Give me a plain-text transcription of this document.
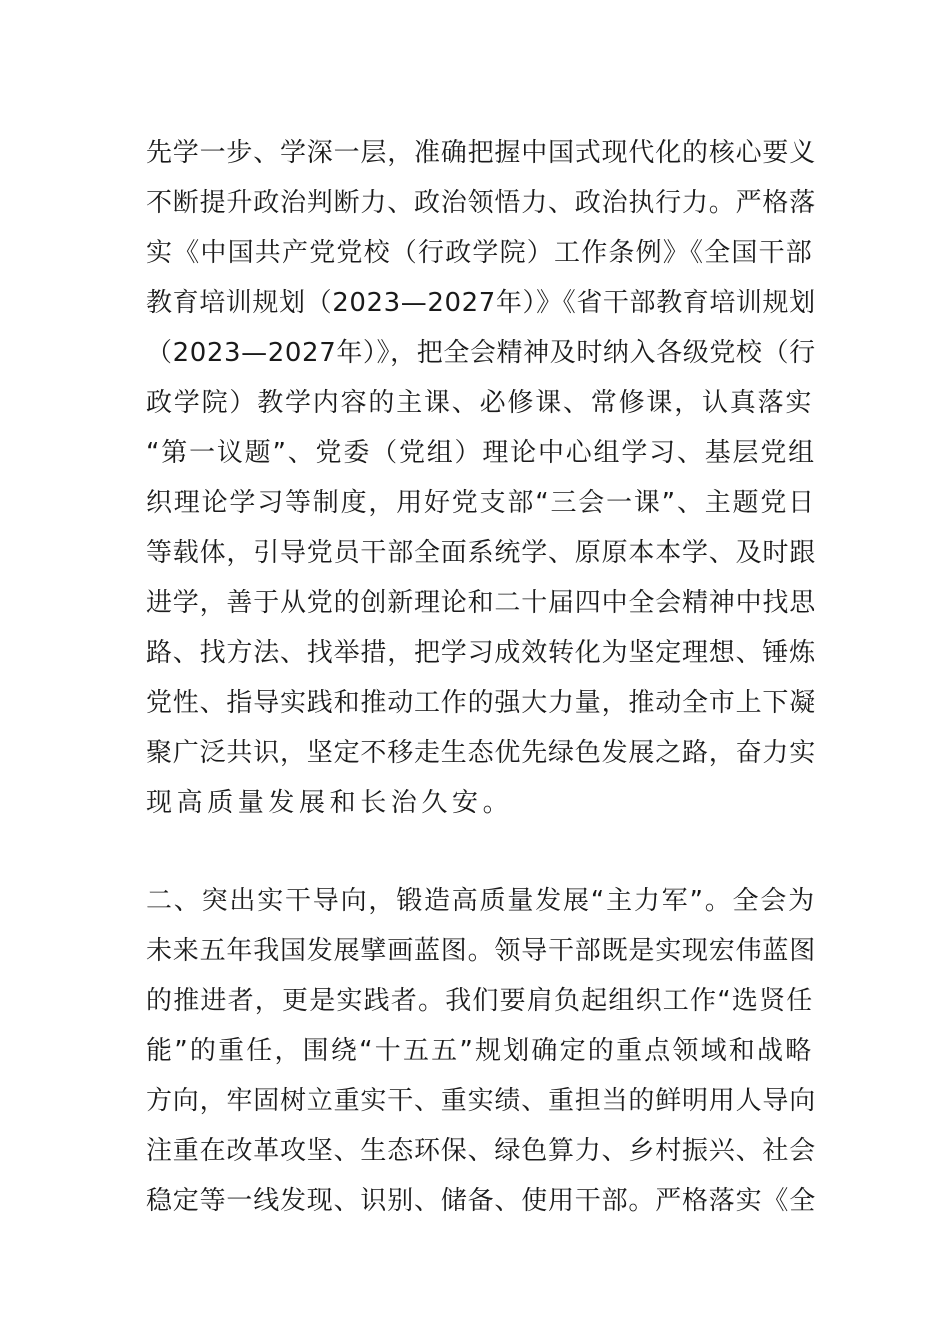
先学一步、学深一层，准确把握中国式现代化的核心要义
不断提升政治判断力、政治领悟力、政治执行力。严格落
实《中国共产党党校（行政学院）工作条例》《全国干部
教育培训规划（2023—2027年）》《省干部教育培训规划
（2023—2027年）》，把全会精神及时纳入各级党校（行
政学院）教学内容的主课、必修课、常修课，认真落实
“第一议题”、党委（党组）理论中心组学习、基层党组
织理论学习等制度，用好党支部“三会一课”、主题党日
等载体，引导党员干部全面系统学、原原本本学、及时跟
进学，善于从党的创新理论和二十届四中全会精神中找思
路、找方法、找举措，把学习成效转化为坚定理想、锤炼
党性、指导实践和推动工作的强大力量，推动全市上下凝
聚广泛共识，坚定不移走生态优先绿色发展之路，奋力实
现高质量发展和长治久安。
二、突出实干导向，锻造高质量发展“主力军”。全会为
未来五年我国发展擘画蓝图。领导干部既是实现宏伟蓝图
的推进者，更是实践者。我们要肩负起组织工作“选贤任
能”的重任，围绕“十五五”规划确定的重点领域和战略
方向，牢固树立重实干、重实绩、重担当的鲜明用人导向
注重在改革攻坚、生态环保、绿色算力、乡村振兴、社会
稳定等一线发现、识别、储备、使用干部。严格落实《全
